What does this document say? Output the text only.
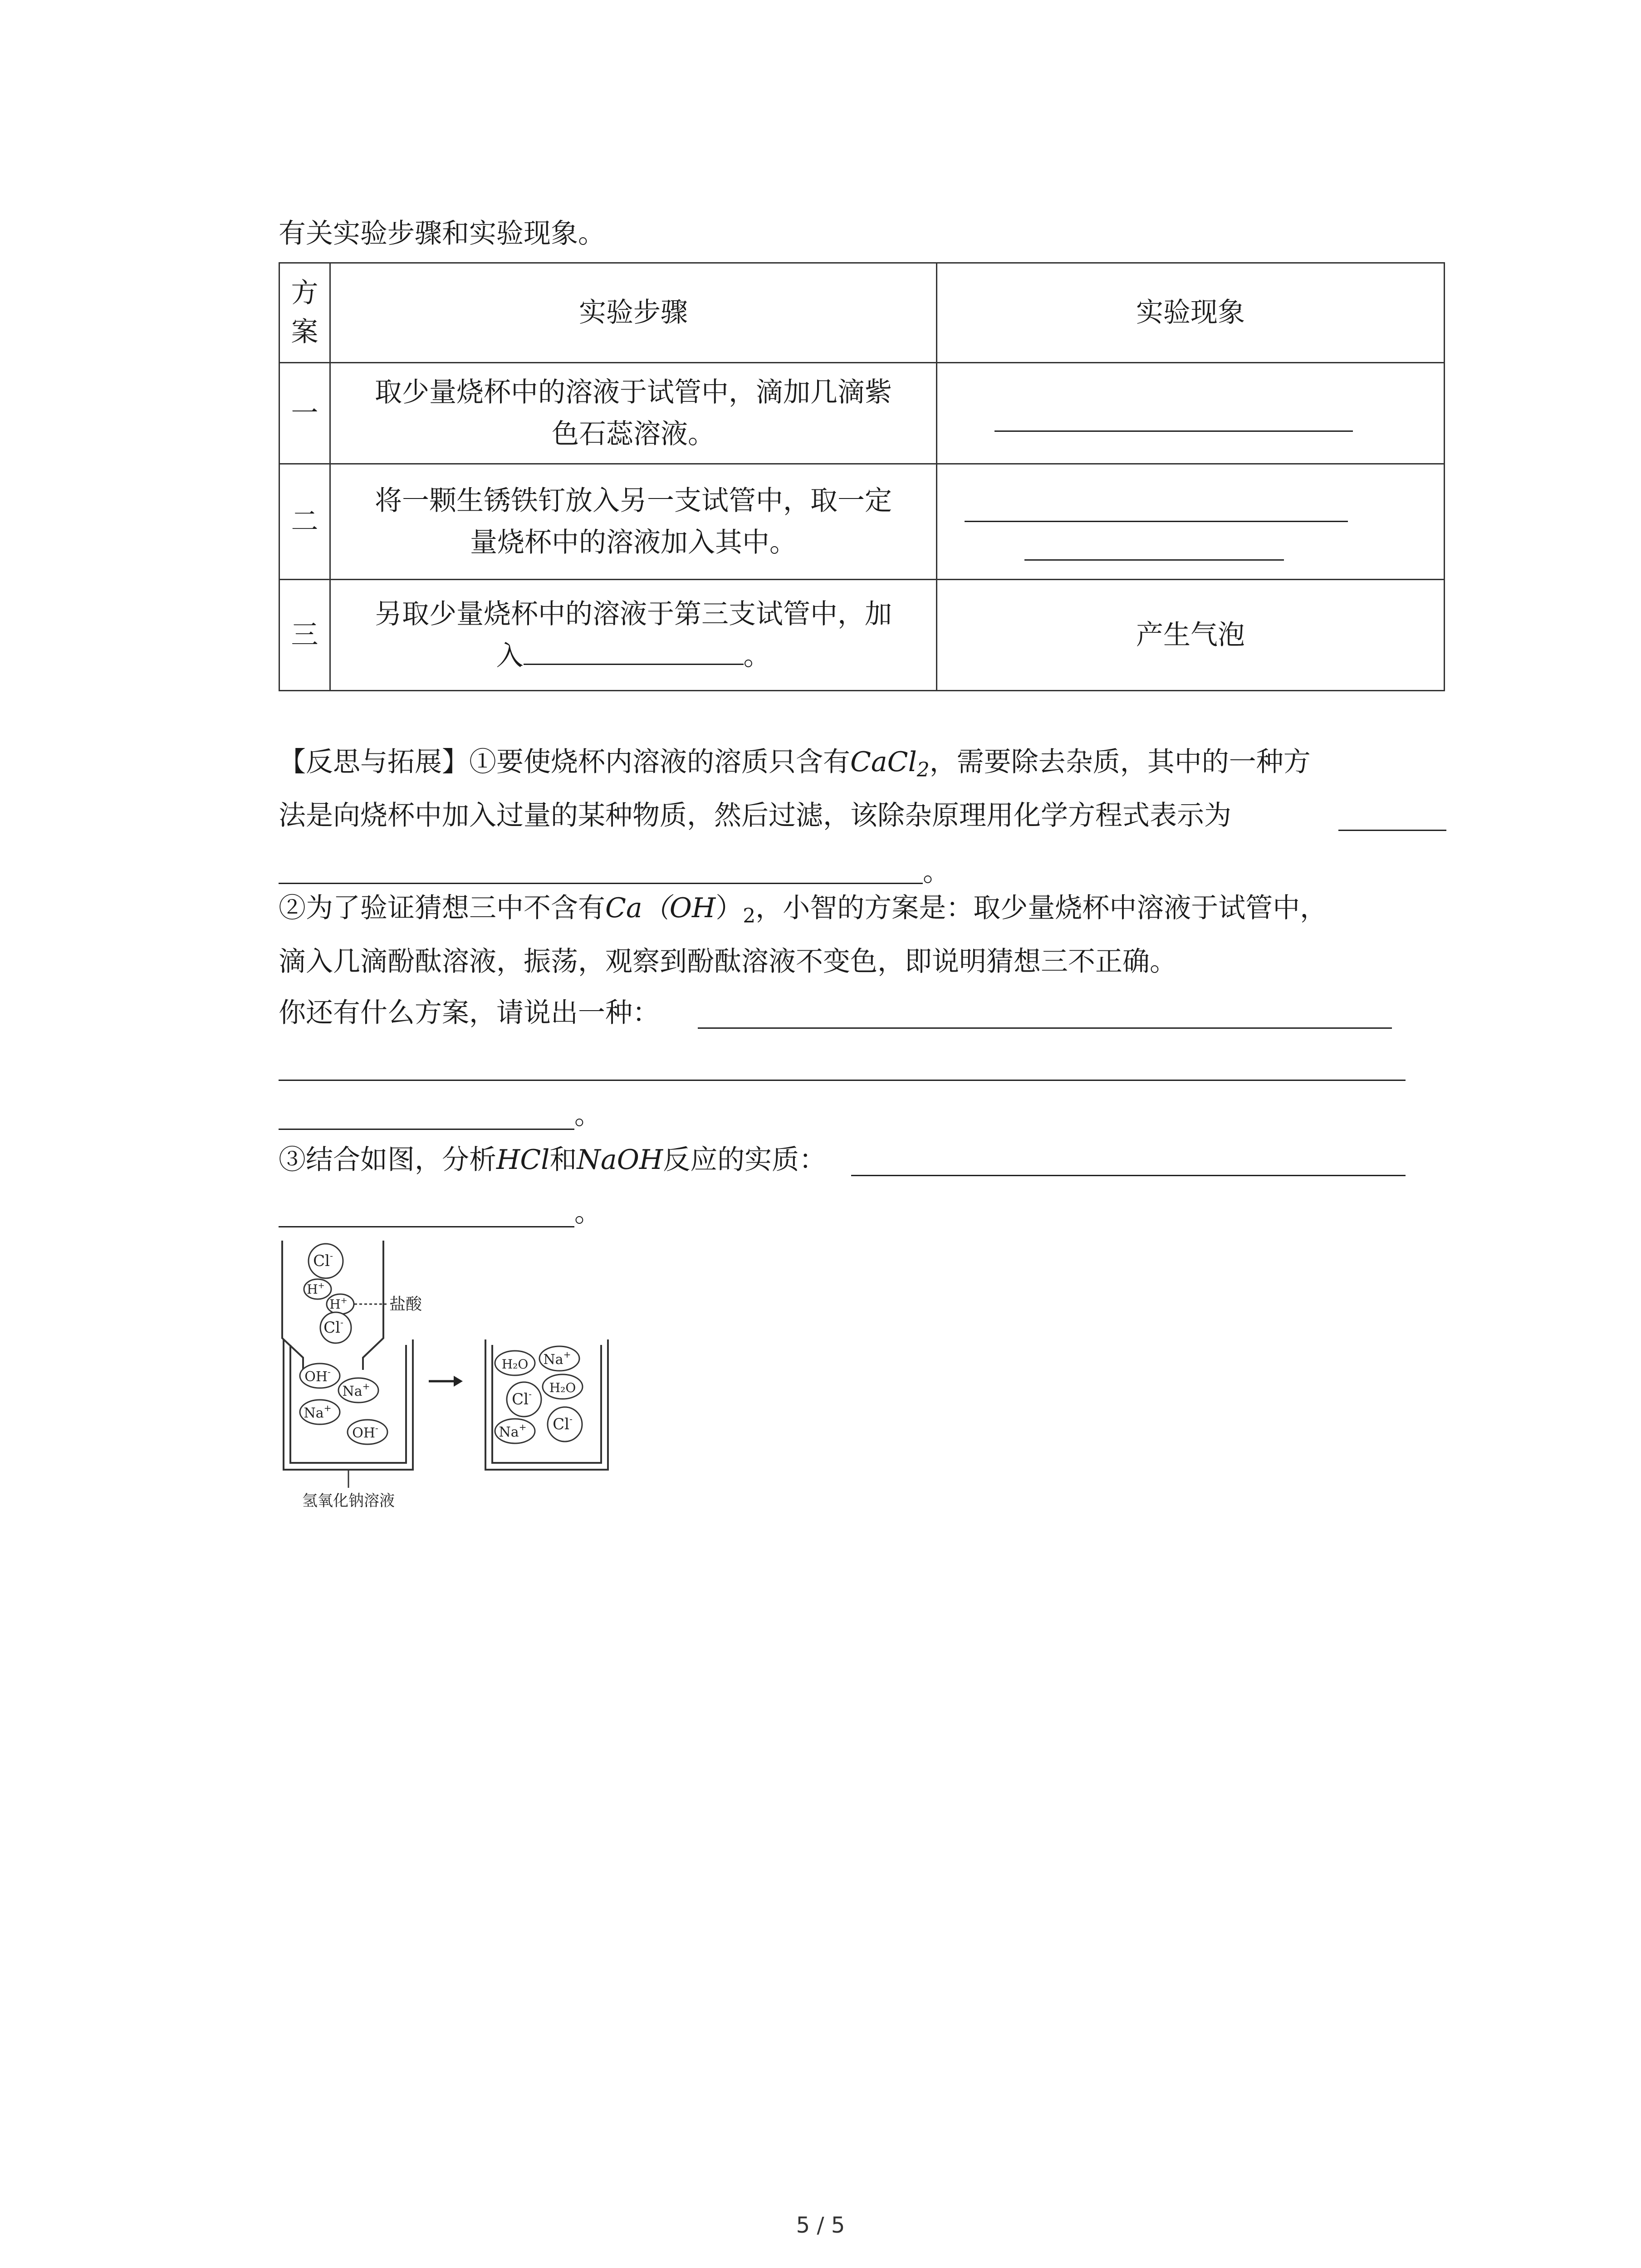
有关实验步骤和实验现象。
方案	实验步骤	实验现象
一	取少量烧杯中的溶液于试管中，滴加几滴紫
色石蕊溶液。	

二	将一颗生锈铁钉放入另一支试管中，取一定
量烧杯中的溶液加入其中。	

三	另取少量烧杯中的溶液于第三支试管中，加
入 。	产生气泡
【反思与拓展】①要使烧杯内溶液的溶质只含有CaCl$_2$，需要除去杂质，其中的一种方
法是向烧杯中加入过量的某种物质，然后过滤，该除杂原理用化学方程式表示为
。
②为了验证猜想三中不含有$Ca(OH)_2$，小智的方案是：取少量烧杯中溶液于试管中，
滴入几滴酚酞溶液，振荡，观察到酚酞溶液不变色，即说明猜想三不正确。
你还有什么方案，请说出一种：
。
③结合如图，分析HCl和NaOH反应的实质：
。
Cl-
H+
H+
Cl-
OH-
Na+
Na+
OH-
H₂O Na+
H₂O
Cl-
Na+ Cl-
盐酸
氢氧化钠溶液
5 / 5
